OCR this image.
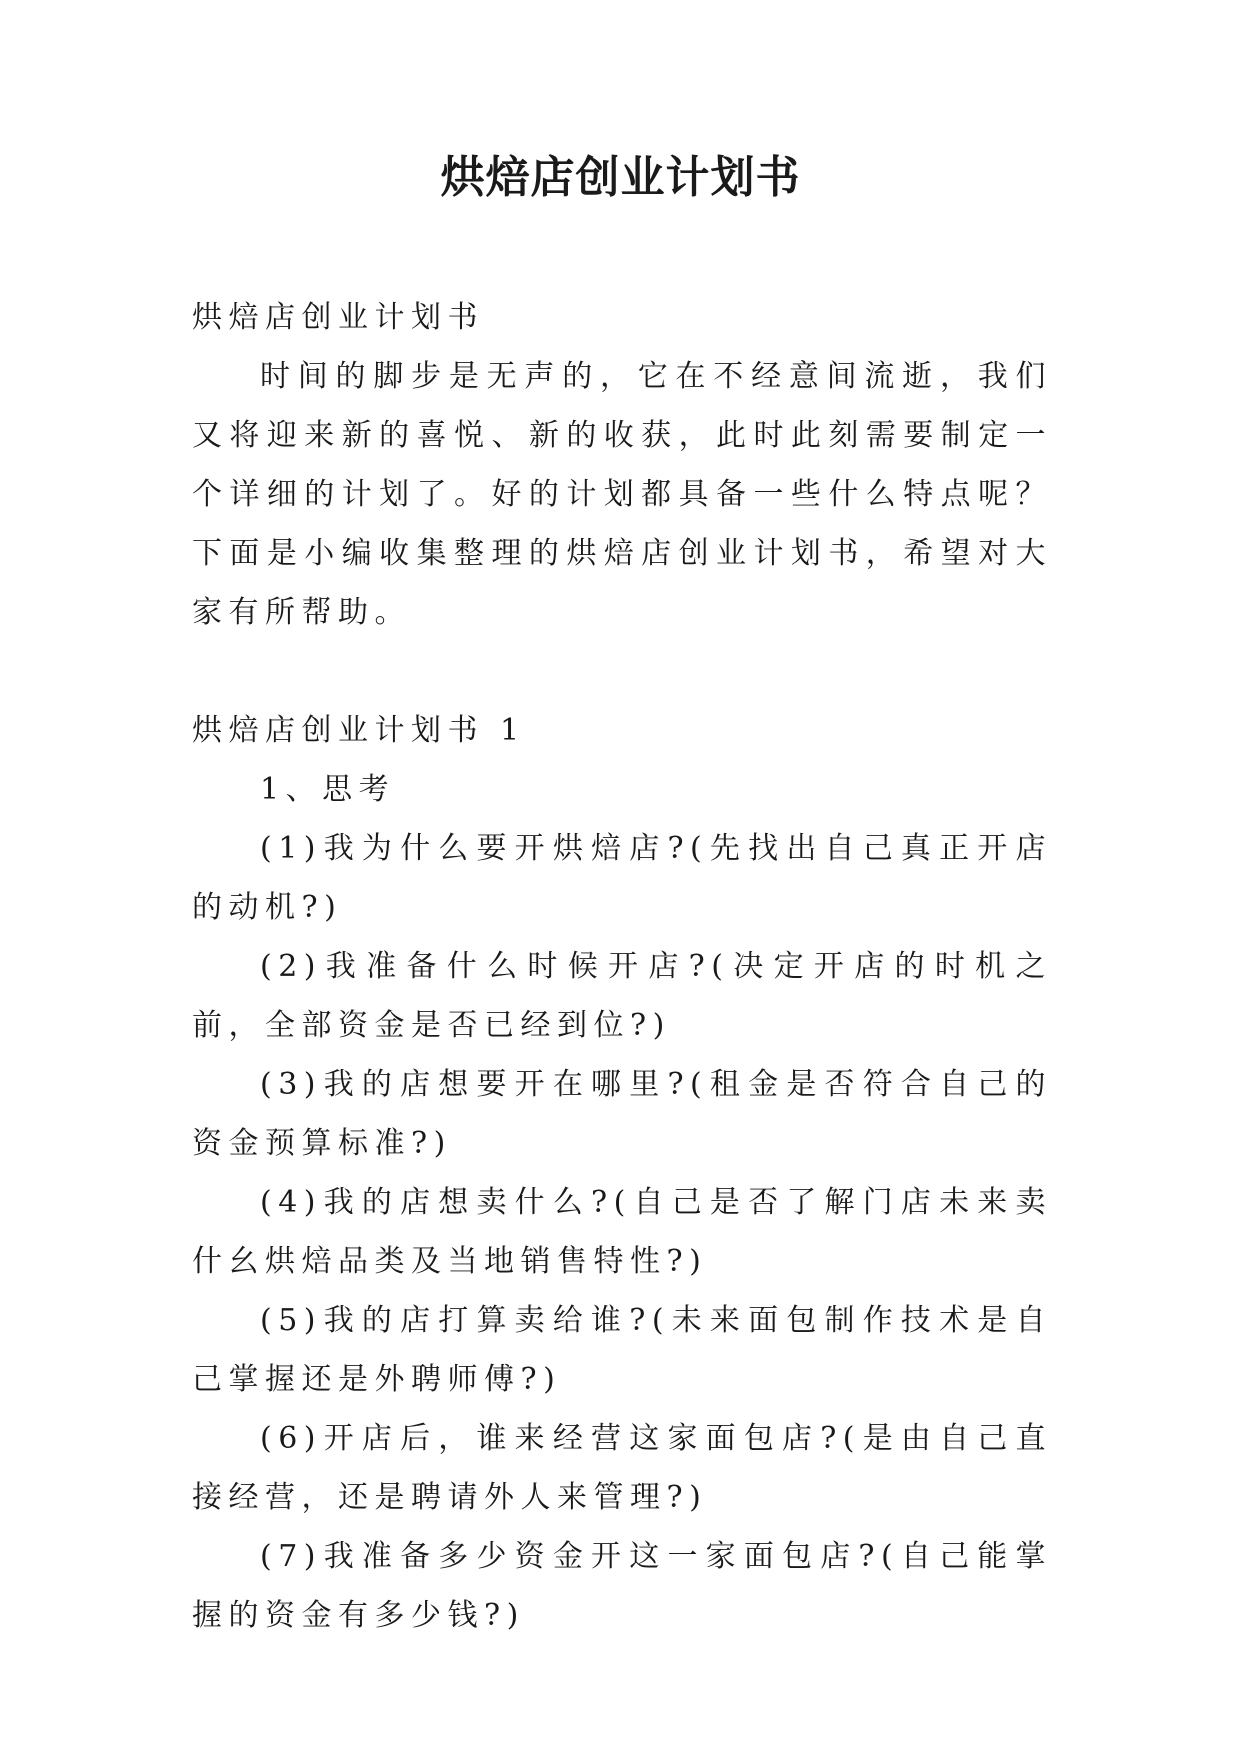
烘焙店创业计划书

烘焙店创业计划书

时间的脚步是无声的，它在不经意间流逝，我们又将迎来新的喜悦、新的收获，此时此刻需要制定一个详细的计划了。好的计划都具备一些什么特点呢？下面是小编收集整理的烘焙店创业计划书，希望对大家有所帮助。

烘焙店创业计划书 1

1、思考

(1)我为什么要开烘焙店?(先找出自己真正开店的动机?)

(2)我准备什么时候开店?(决定开店的时机之前，全部资金是否已经到位?)

(3)我的店想要开在哪里?(租金是否符合自己的资金预算标准?)

(4)我的店想卖什么?(自己是否了解门店未来卖什幺烘焙品类及当地销售特性?)

(5)我的店打算卖给谁?(未来面包制作技术是自己掌握还是外聘师傅?)

(6)开店后，谁来经营这家面包店?(是由自己直接经营，还是聘请外人来管理?)

(7)我准备多少资金开这一家面包店?(自己能掌握的资金有多少钱?)
